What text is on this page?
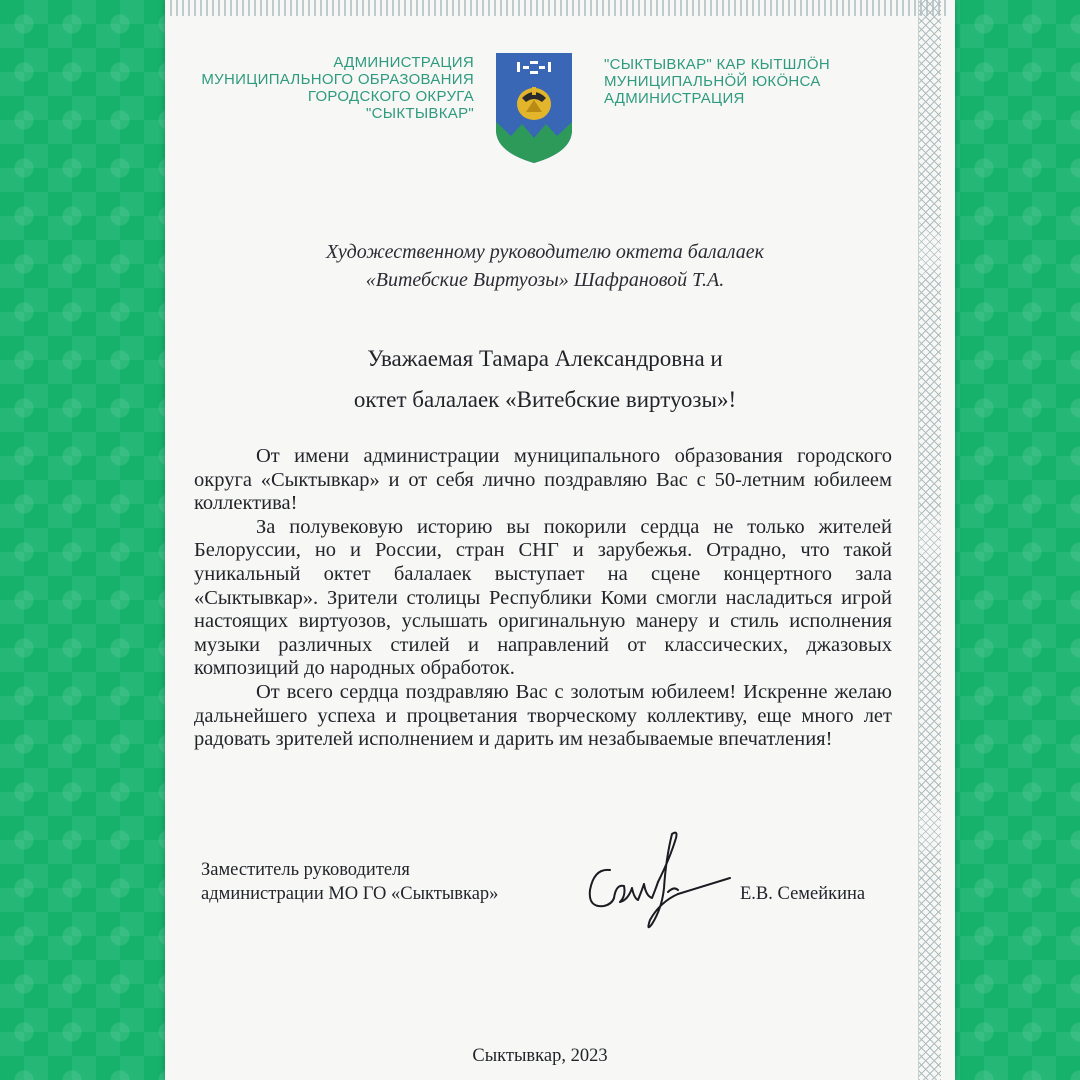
АДМИНИСТРАЦИЯ
МУНИЦИПАЛЬНОГО ОБРАЗОВАНИЯ
ГОРОДСКОГО ОКРУГА
"СЫКТЫВКАР"
"СЫКТЫВКАР" КАР КЫТШЛÖН
МУНИЦИПАЛЬНÖЙ ЮКÖНСА
АДМИНИСТРАЦИЯ
Художественному руководителю октета балалаек
«Витебские Виртуозы» Шафрановой Т.А.
Уважаемая Тамара Александровна и
октет балалаек «Витебские виртуозы»!

От имени администрации муниципального образования городского округа «Сыктывкар» и от себя лично поздравляю Вас с 50-летним юбилеем коллектива!

За полувековую историю вы покорили сердца не только жителей Белоруссии, но и России, стран СНГ и зарубежья. Отрадно, что такой уникальный октет балалаек выступает на сцене концертного зала «Сыктывкар». Зрители столицы Республики Коми смогли насладиться игрой настоящих виртуозов, услышать оригинальную манеру и стиль исполнения музыки различных стилей и направлений от классических, джазовых композиций до народных обработок.

От всего сердца поздравляю Вас с золотым юбилеем! Искренне желаю дальнейшего успеха и процветания творческому коллективу, еще много лет радовать зрителей исполнением и дарить им незабываемые впечатления!

Заместитель руководителя
администрации МО ГО «Сыктывкар»	Е.В. Семейкина
Сыктывкар, 2023
